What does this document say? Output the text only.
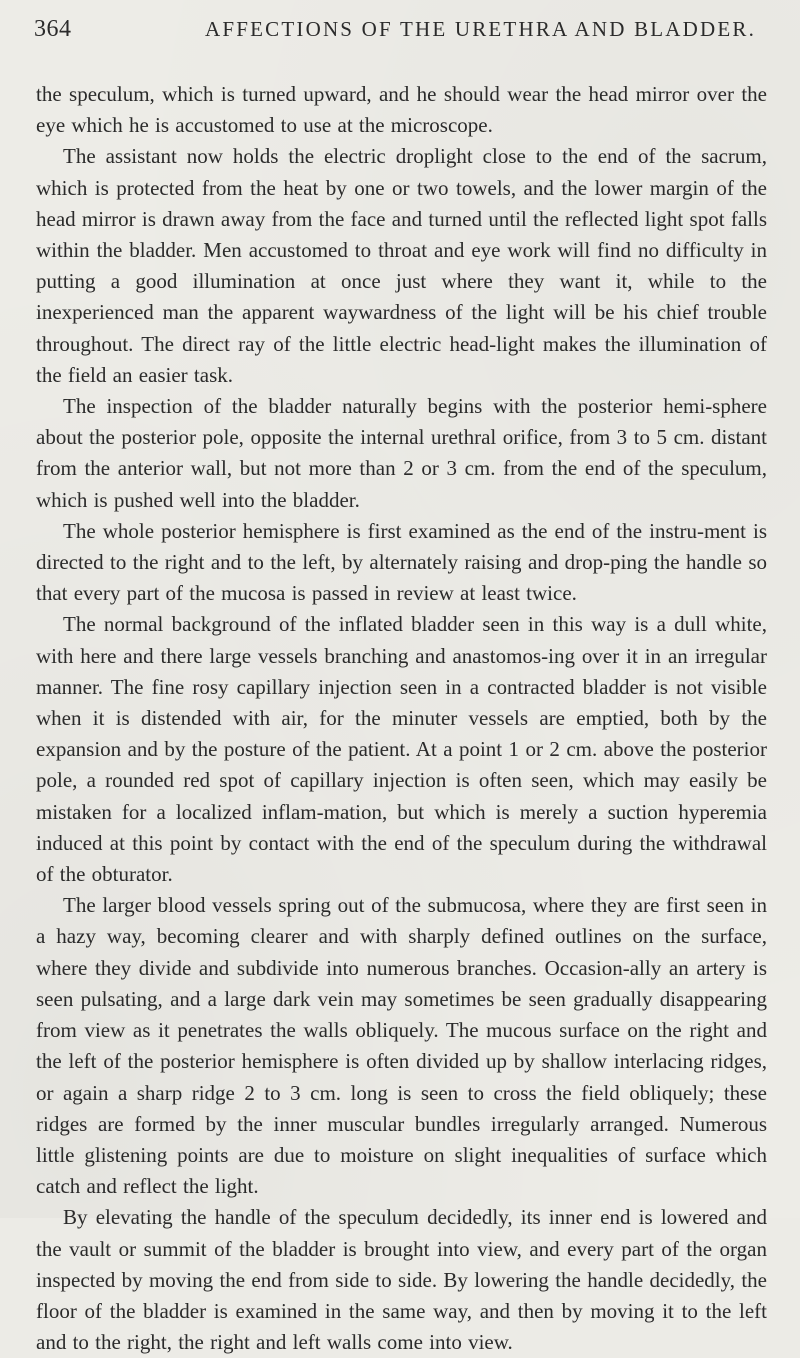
364	AFFECTIONS OF THE URETHRA AND BLADDER.

the speculum, which is turned upward, and he should wear the head mirror over the eye which he is accustomed to use at the microscope.

The assistant now holds the electric droplight close to the end of the sacrum, which is protected from the heat by one or two towels, and the lower margin of the head mirror is drawn away from the face and turned until the reflected light spot falls within the bladder. Men accustomed to throat and eye work will find no difficulty in putting a good illumination at once just where they want it, while to the inexperienced man the apparent waywardness of the light will be his chief trouble throughout. The direct ray of the little electric head-light makes the illumination of the field an easier task.

The inspection of the bladder naturally begins with the posterior hemi-sphere about the posterior pole, opposite the internal urethral orifice, from 3 to 5 cm. distant from the anterior wall, but not more than 2 or 3 cm. from the end of the speculum, which is pushed well into the bladder.

The whole posterior hemisphere is first examined as the end of the instru-ment is directed to the right and to the left, by alternately raising and drop-ping the handle so that every part of the mucosa is passed in review at least twice.

The normal background of the inflated bladder seen in this way is a dull white, with here and there large vessels branching and anastomos-ing over it in an irregular manner. The fine rosy capillary injection seen in a contracted bladder is not visible when it is distended with air, for the minuter vessels are emptied, both by the expansion and by the posture of the patient. At a point 1 or 2 cm. above the posterior pole, a rounded red spot of capillary injection is often seen, which may easily be mistaken for a localized inflam-mation, but which is merely a suction hyperemia induced at this point by contact with the end of the speculum during the withdrawal of the obturator.

The larger blood vessels spring out of the submucosa, where they are first seen in a hazy way, becoming clearer and with sharply defined outlines on the surface, where they divide and subdivide into numerous branches. Occasion-ally an artery is seen pulsating, and a large dark vein may sometimes be seen gradually disappearing from view as it penetrates the walls obliquely. The mucous surface on the right and the left of the posterior hemisphere is often divided up by shallow interlacing ridges, or again a sharp ridge 2 to 3 cm. long is seen to cross the field obliquely; these ridges are formed by the inner muscular bundles irregularly arranged. Numerous little glistening points are due to moisture on slight inequalities of surface which catch and reflect the light.

By elevating the handle of the speculum decidedly, its inner end is lowered and the vault or summit of the bladder is brought into view, and every part of the organ inspected by moving the end from side to side. By lowering the handle decidedly, the floor of the bladder is examined in the same way, and then by moving it to the left and to the right, the right and left walls come into view.
